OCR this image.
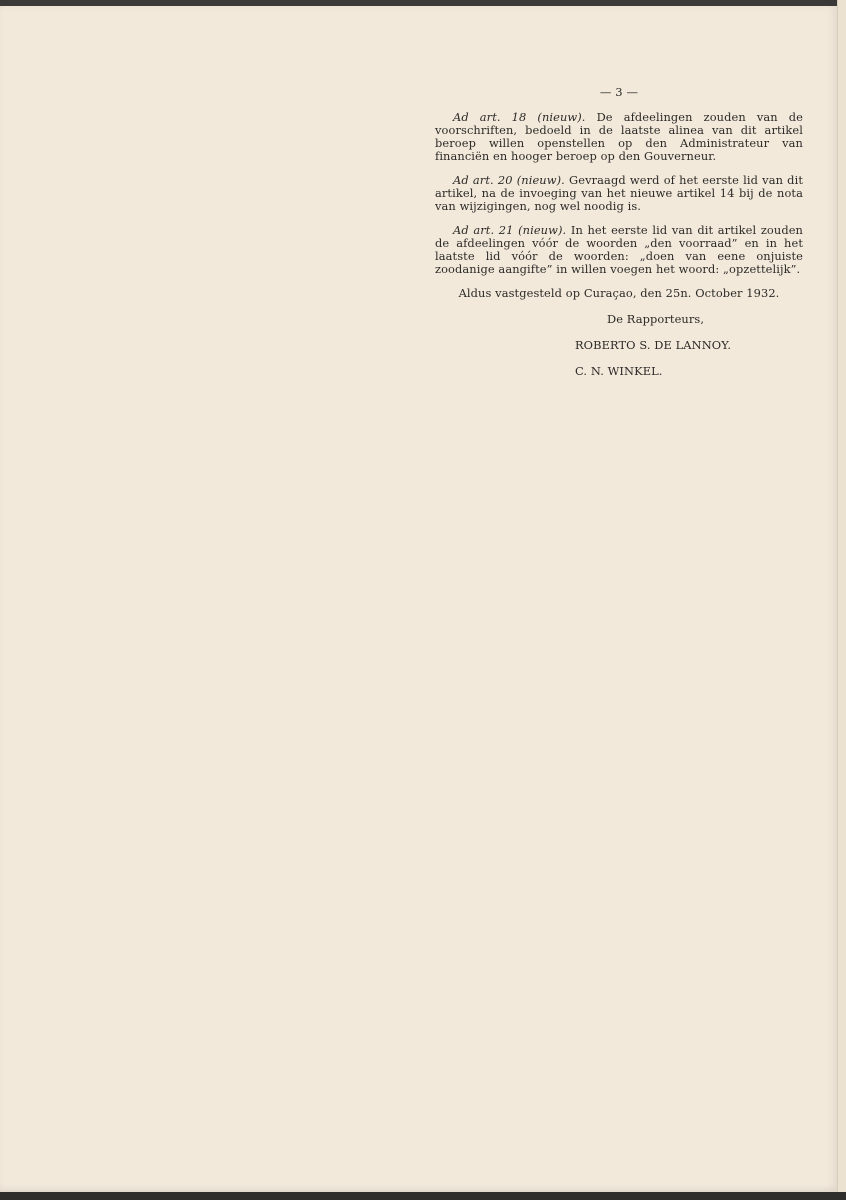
— 3 —

Ad art. 18 (nieuw). De afdeelingen zouden van de voorschriften, bedoeld in de laatste alinea van dit artikel beroep willen openstellen op den Administrateur van financiën en hooger beroep op den Gouverneur.

Ad art. 20 (nieuw). Gevraagd werd of het eerste lid van dit artikel, na de invoeging van het nieuwe artikel 14 bij de nota van wijzigingen, nog wel noodig is.

Ad art. 21 (nieuw). In het eerste lid van dit artikel zouden de afdeelingen vóór de woorden „den voorraad” en in het laatste lid vóór de woorden: „doen van eene onjuiste zoodanige aangifte” in willen voegen het woord: „opzettelijk”.

Aldus vastgesteld op Curaçao, den 25n. October 1932.

De Rapporteurs,

ROBERTO S. DE LANNOY.

C. N. WINKEL.
